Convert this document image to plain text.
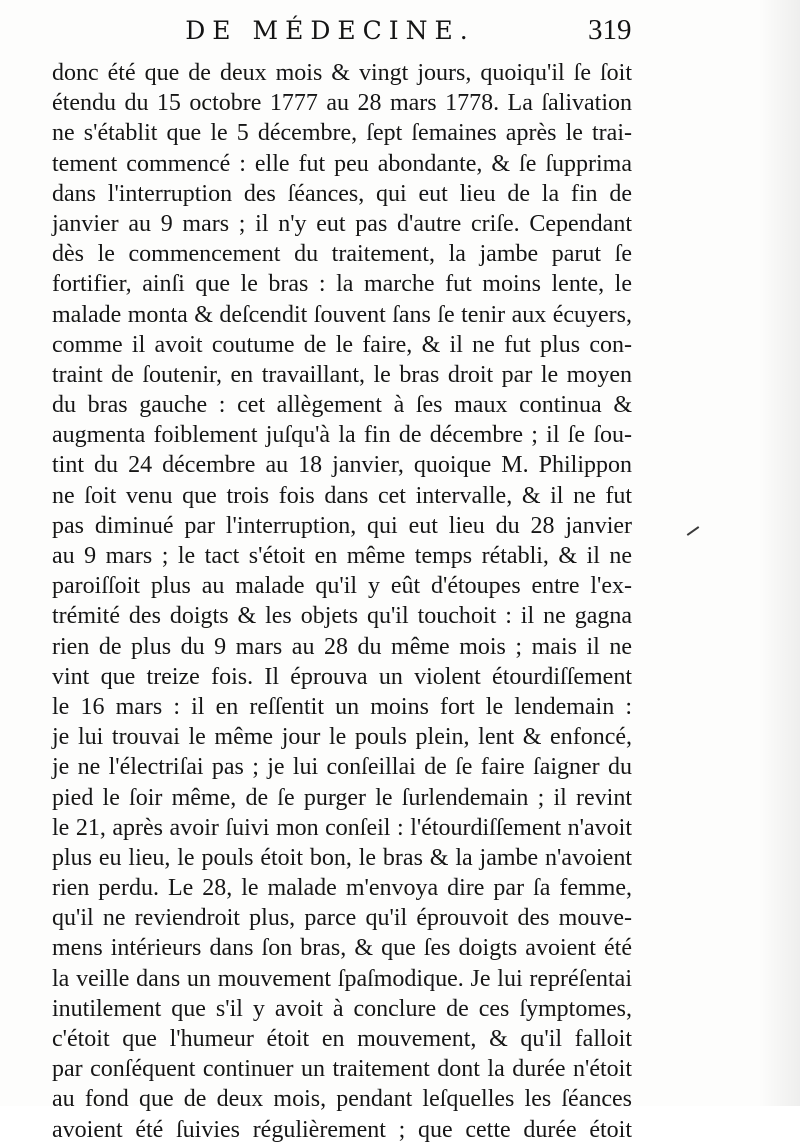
DE MÉDECINE.	319
donc été que de deux mois & vingt jours, quoiqu'il ſe ſoit
étendu du 15 octobre 1777 au 28 mars 1778. La ſalivation
ne s'établit que le 5 décembre, ſept ſemaines après le trai-
tement commencé : elle fut peu abondante, & ſe ſupprima
dans l'interruption des ſéances, qui eut lieu de la fin de
janvier au 9 mars ; il n'y eut pas d'autre criſe. Cependant
dès le commencement du traitement, la jambe parut ſe
fortifier, ainſi que le bras : la marche fut moins lente, le
malade monta & deſcendit ſouvent ſans ſe tenir aux écuyers,
comme il avoit coutume de le faire, & il ne fut plus con-
traint de ſoutenir, en travaillant, le bras droit par le moyen
du bras gauche : cet allègement à ſes maux continua &
augmenta foiblement juſqu'à la fin de décembre ; il ſe ſou-
tint du 24 décembre au 18 janvier, quoique M. Philippon
ne ſoit venu que trois fois dans cet intervalle, & il ne fut
pas diminué par l'interruption, qui eut lieu du 28 janvier
au 9 mars ; le tact s'étoit en même temps rétabli, & il ne
paroiſſoit plus au malade qu'il y eût d'étoupes entre l'ex-
trémité des doigts & les objets qu'il touchoit : il ne gagna
rien de plus du 9 mars au 28 du même mois ; mais il ne
vint que treize fois. Il éprouva un violent étourdiſſement
le 16 mars : il en reſſentit un moins fort le lendemain :
je lui trouvai le même jour le pouls plein, lent & enfoncé,
je ne l'électriſai pas ; je lui conſeillai de ſe faire ſaigner du
pied le ſoir même, de ſe purger le ſurlendemain ; il revint
le 21, après avoir ſuivi mon conſeil : l'étourdiſſement n'avoit
plus eu lieu, le pouls étoit bon, le bras & la jambe n'avoient
rien perdu. Le 28, le malade m'envoya dire par ſa femme,
qu'il ne reviendroit plus, parce qu'il éprouvoit des mouve-
mens intérieurs dans ſon bras, & que ſes doigts avoient été
la veille dans un mouvement ſpaſmodique. Je lui repréſentai
inutilement que s'il y avoit à conclure de ces ſymptomes,
c'étoit que l'humeur étoit en mouvement, & qu'il falloit
par conſéquent continuer un traitement dont la durée n'étoit
au fond que de deux mois, pendant leſquelles les ſéances
avoient été ſuivies régulièrement ; que cette durée étoit
